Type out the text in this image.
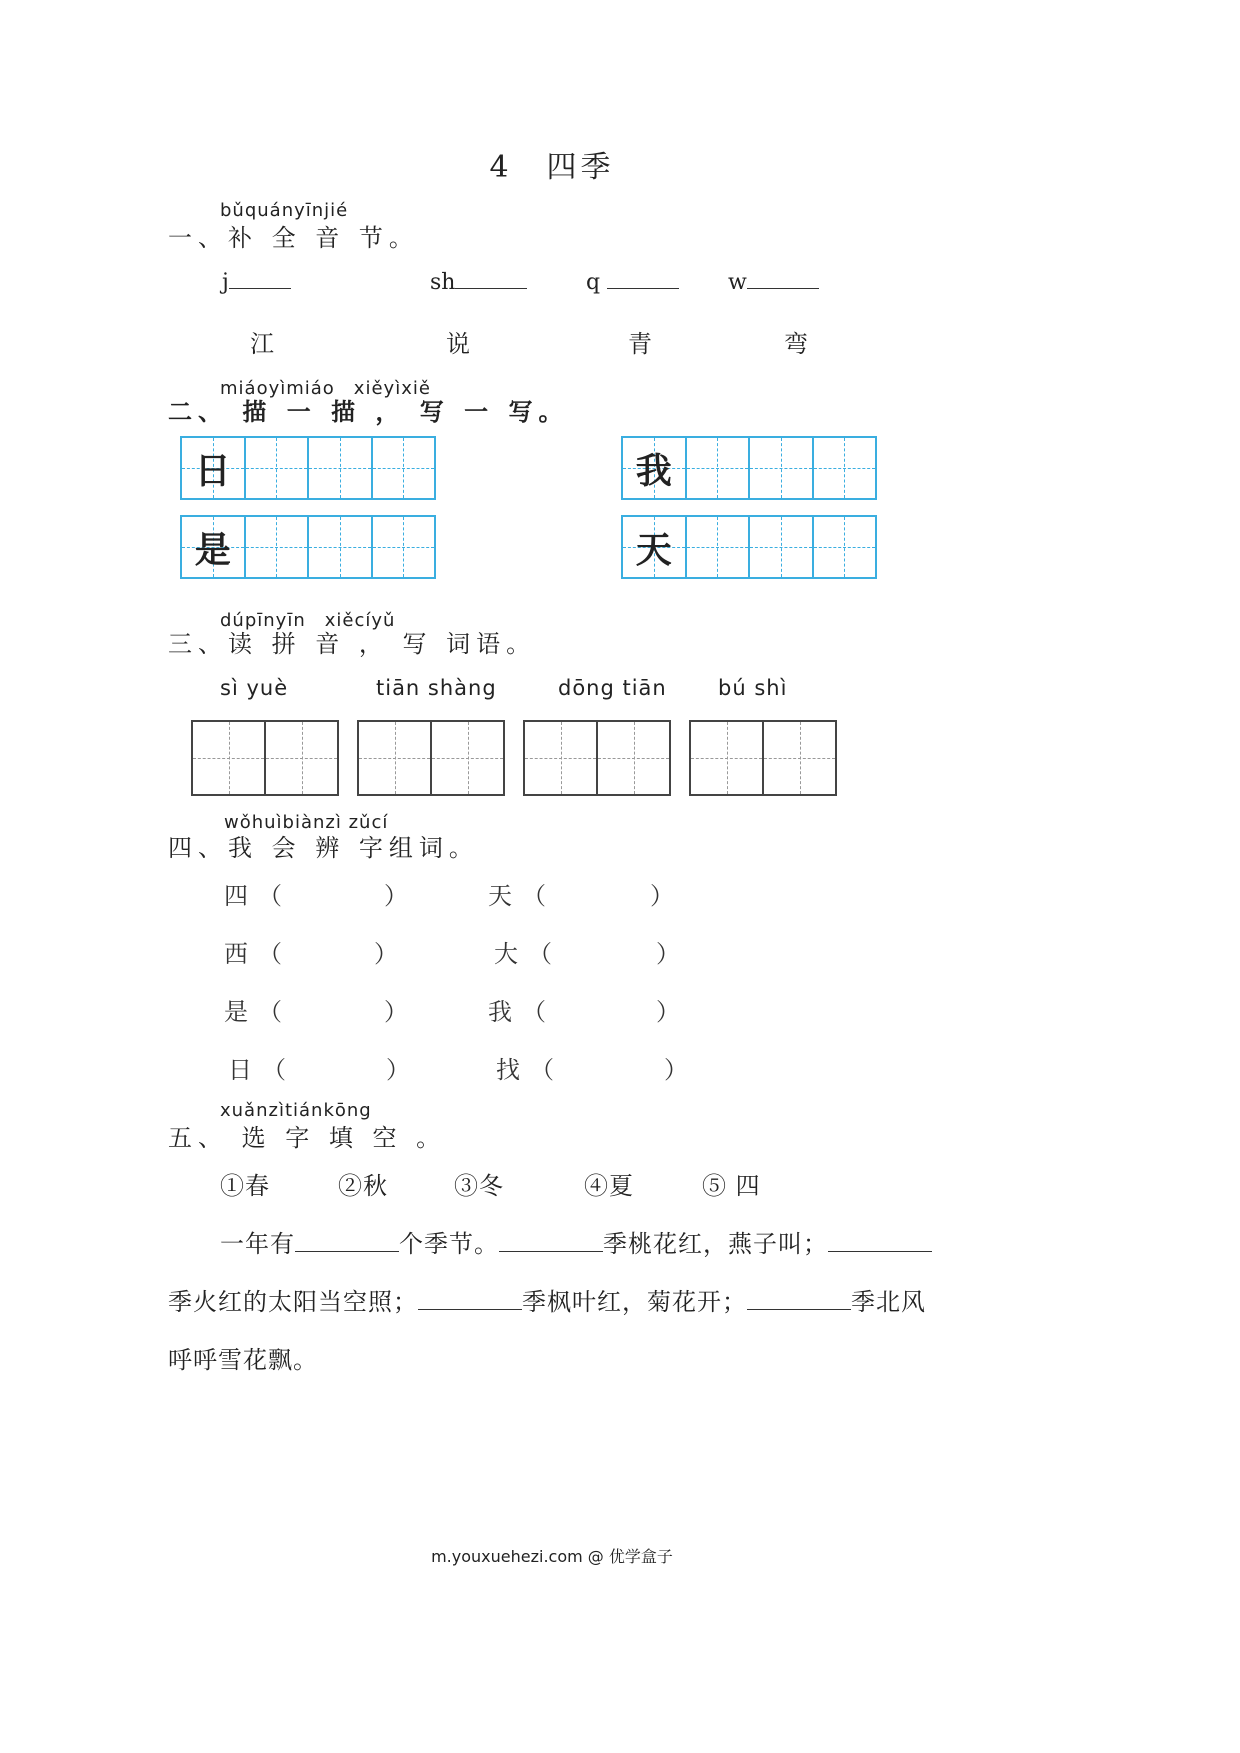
4　四季
bǔquányīnjié
一、补 全 音 节。
j	sh	q	w
江	说	青	弯
miáoyìmiáo　xiěyìxiě
二、 描 一 描 ， 写 一 写。
日	我
是	天
dúpīnyīn　xiěcíyǔ
三、读 拼 音 ， 写 词语。
sì yuè	tiān shàng	dōng tiān bú shì
wǒhuìbiànzì zǔcí
四、我 会 辨 字组词。
四 （	）	天 （	）
西 （	）	大 （	）
是 （	）	我 （	）
日 （	）	找 （	）
xuǎnzìtiánkōng
五、 选 字 填 空 。
①春	②秋	③冬	④夏	⑤ 四
一年有	个季节。	季桃花红，燕子叫；
季火红的太阳当空照；	季枫叶红，菊花开；	季北风
呼呼雪花飘。
m.youxuehezi.com @ 优学盒子
